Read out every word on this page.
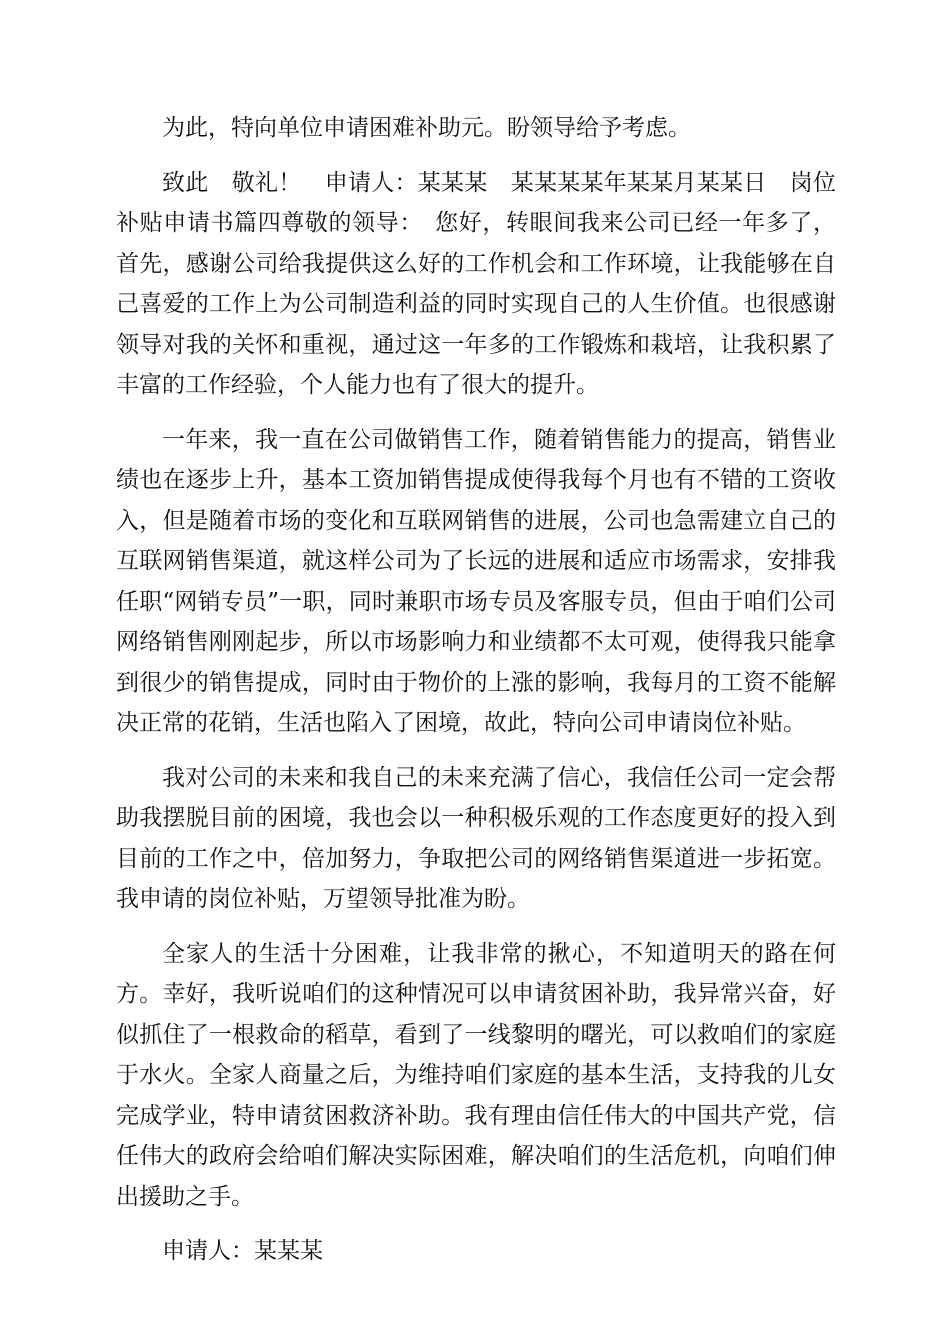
为此，特向单位申请困难补助元。盼领导给予考虑。

致此　敬礼！　申请人：某某某　某某某某年某某月某某日　岗位补贴申请书篇四尊敬的领导：　您好，转眼间我来公司已经一年多了，首先，感谢公司给我提供这么好的工作机会和工作环境，让我能够在自己喜爱的工作上为公司制造利益的同时实现自己的人生价值。也很感谢领导对我的关怀和重视，通过这一年多的工作锻炼和栽培，让我积累了丰富的工作经验，个人能力也有了很大的提升。

一年来，我一直在公司做销售工作，随着销售能力的提高，销售业绩也在逐步上升，基本工资加销售提成使得我每个月也有不错的工资收入，但是随着市场的变化和互联网销售的进展，公司也急需建立自己的互联网销售渠道，就这样公司为了长远的进展和适应市场需求，安排我任职“网销专员”一职，同时兼职市场专员及客服专员，但由于咱们公司网络销售刚刚起步，所以市场影响力和业绩都不太可观，使得我只能拿到很少的销售提成，同时由于物价的上涨的影响，我每月的工资不能解决正常的花销，生活也陷入了困境，故此，特向公司申请岗位补贴。

我对公司的未来和我自己的未来充满了信心，我信任公司一定会帮助我摆脱目前的困境，我也会以一种积极乐观的工作态度更好的投入到目前的工作之中，倍加努力，争取把公司的网络销售渠道进一步拓宽。我申请的岗位补贴，万望领导批准为盼。

全家人的生活十分困难，让我非常的揪心，不知道明天的路在何方。幸好，我听说咱们的这种情况可以申请贫困补助，我异常兴奋，好似抓住了一根救命的稻草，看到了一线黎明的曙光，可以救咱们的家庭于水火。全家人商量之后，为维持咱们家庭的基本生活，支持我的儿女完成学业，特申请贫困救济补助。我有理由信任伟大的中国共产党，信任伟大的政府会给咱们解决实际困难，解决咱们的生活危机，向咱们伸出援助之手。

申请人：某某某
